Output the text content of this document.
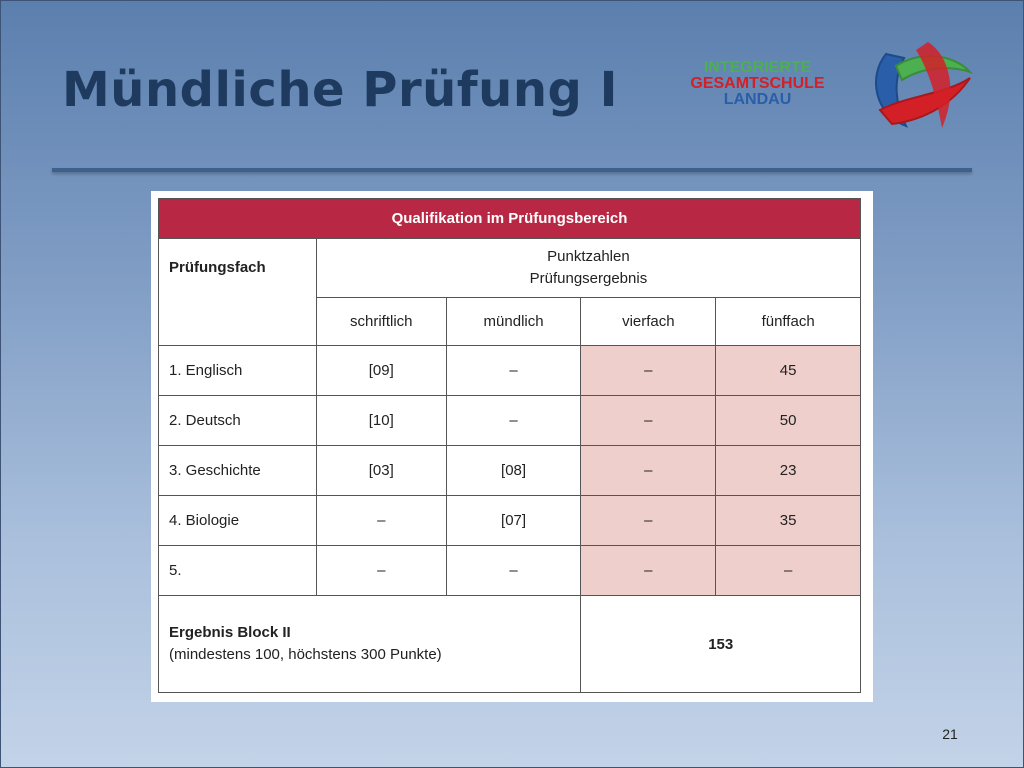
Mündliche Prüfung I	INTEGRIERTE
GESAMTSCHULE
LANDAU
Qualifikation im Prüfungsbereich				
Prüfungsfach	Punktzahlen
Prüfungsergebnis			

	schriftlich	mündlich	vierfach	fünffach
1. Englisch	[09]	–	–	45
2. Deutsch	[10]	–	–	50
3. Geschichte	[03]	[08]	–	23
4. Biologie	–	[07]	–	35
5.	–	–	–	–

Ergebnis Block II
(mindestens 100, höchstens 300 Punkte)			153	
21
